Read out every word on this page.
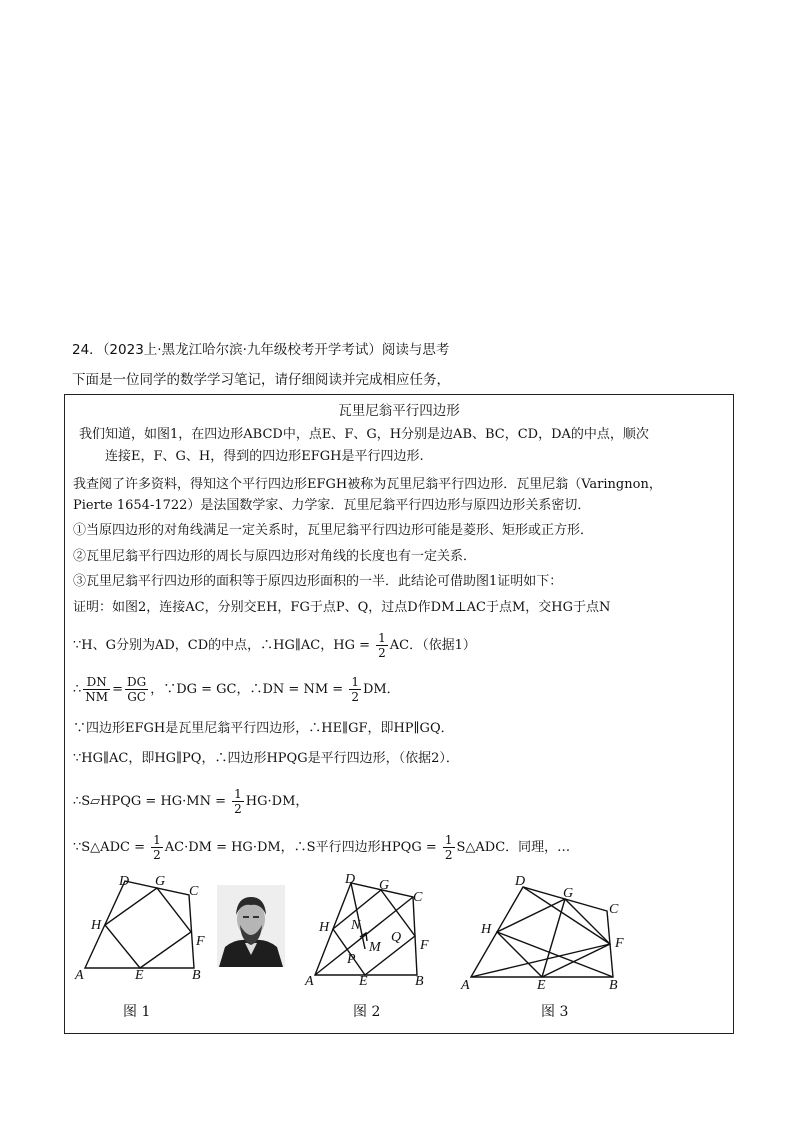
24．（2023上·黑龙江哈尔滨·九年级校考开学考试）阅读与思考
下面是一位同学的数学学习笔记，请仔细阅读并完成相应任务，
瓦里尼翁平行四边形
我们知道，如图1，在四边形ABCD中，点E、F、G，H分别是边AB、BC，CD，DA的中点，顺次
连接E，F、G、H，得到的四边形EFGH是平行四边形.
我查阅了许多资料，得知这个平行四边形EFGH被称为瓦里尼翁平行四边形．瓦里尼翁（Varingnon，
Pierte 1654-1722）是法国数学家、力学家．瓦里尼翁平行四边形与原四边形关系密切．
①当原四边形的对角线满足一定关系时，瓦里尼翁平行四边形可能是菱形、矩形或正方形．
②瓦里尼翁平行四边形的周长与原四边形对角线的长度也有一定关系．
③瓦里尼翁平行四边形的面积等于原四边形面积的一半．此结论可借助图1证明如下：
证明：如图2，连接AC，分别交EH，FG于点P、Q，过点D作DM⊥AC于点M，交HG于点N
∵H、G分别为AD，CD的中点，∴HG∥AC，HG = $\frac{1}{2}$ AC．（依据1）
∴ $\frac{DN}{NM} = \frac{DG}{GC}$ ，∵DG = GC，∴DN = NM = $\frac{1}{2}$ DM．
∵四边形EFGH是瓦里尼翁平行四边形，∴HE∥GF，即HP∥GQ．
∵HG∥AC，即HG∥PQ，∴四边形HPQG是平行四边形，（依据2）．
∴S▱HPQG = $HG\cdot MN = \frac{1}{2} HG\cdot DM$，
∵S△ADC = $\frac{1}{2} AC\cdot DM = HG\cdot DM$，∴S平行四边形HPQG = $\frac{1}{2}$ S△ADC．同理，…
D G
C
H
F
A	E	B
D G
C
H N
M
Q
F
P
A	E	B
D
G
C
H
F
A	E	B
图 1	图 2	图 3
